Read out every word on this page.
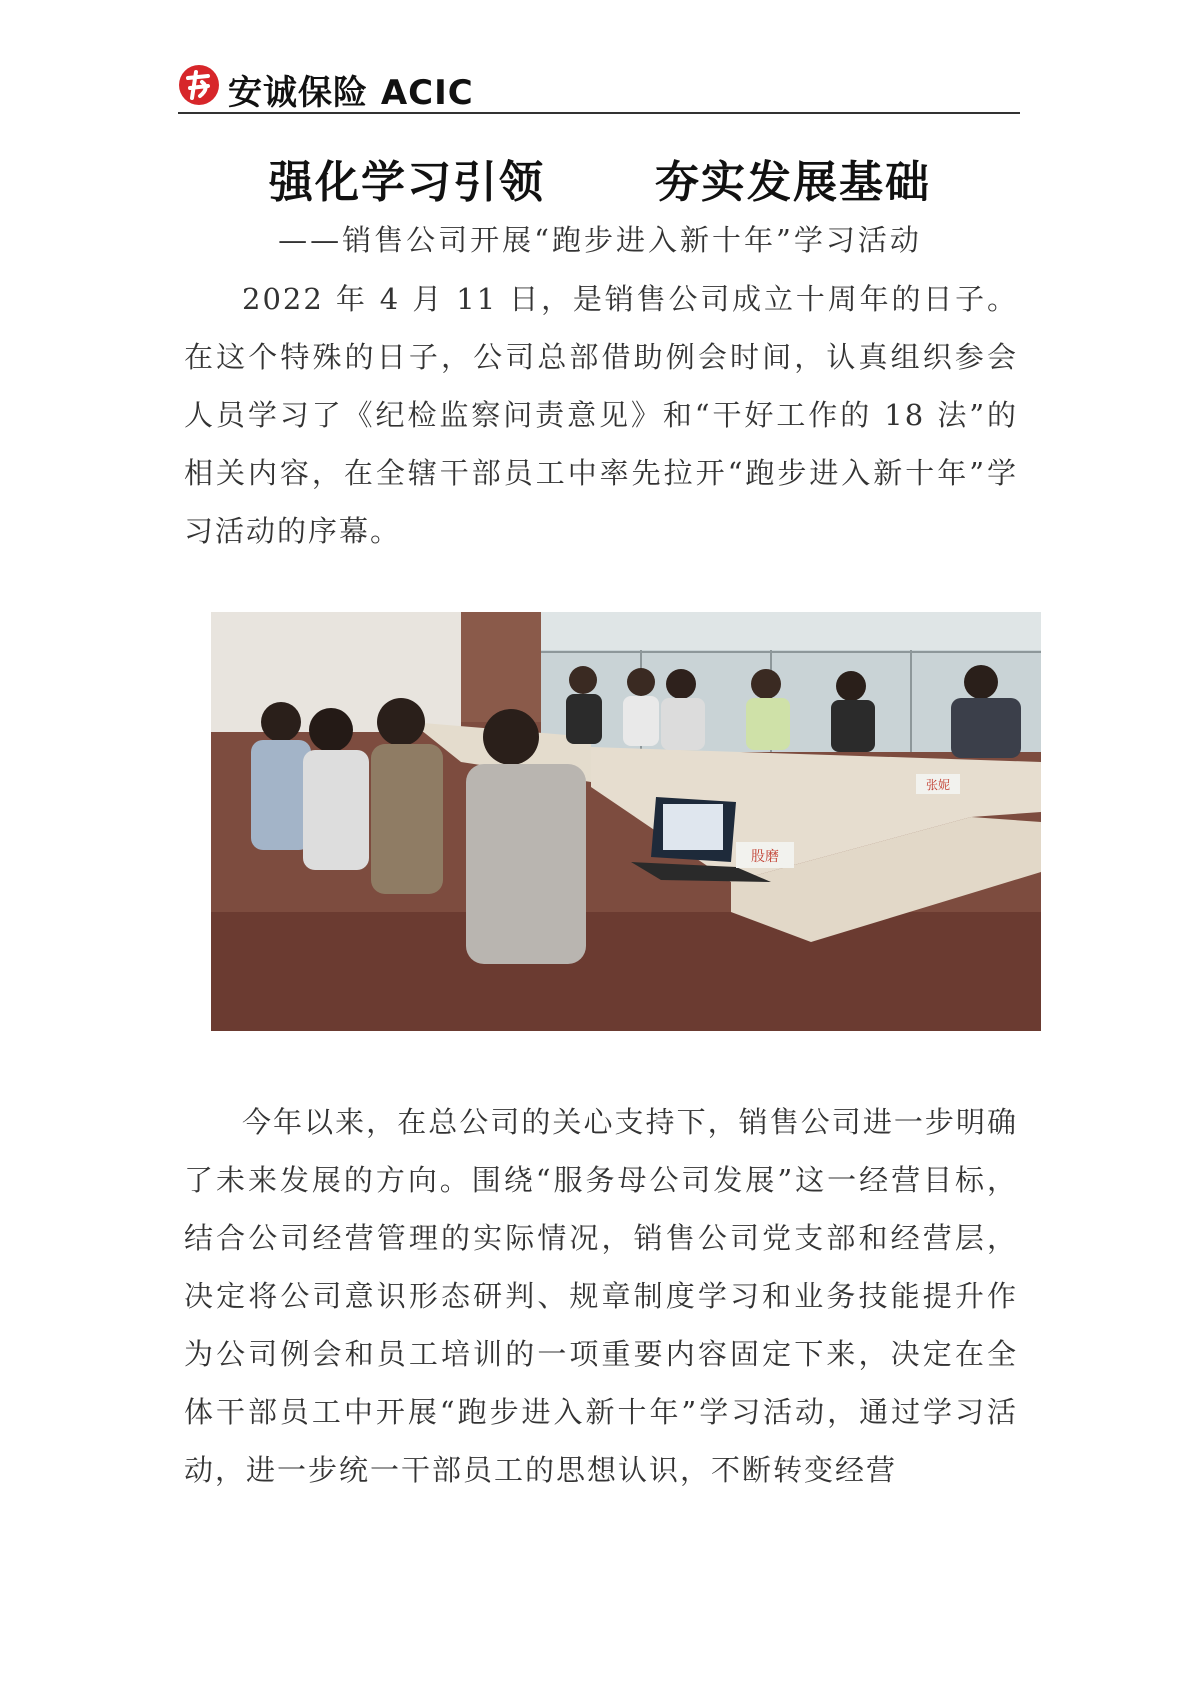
安诚保险 ACIC
强化学习引领	夯实发展基础
——销售公司开展“跑步进入新十年”学习活动
2022 年 4 月 11 日，是销售公司成立十周年的日子。在这个特殊的日子，公司总部借助例会时间，认真组织参会人员学习了《纪检监察问责意见》和“干好工作的 18 法”的相关内容，在全辖干部员工中率先拉开“跑步进入新十年”学习活动的序幕。
张妮
股磨
今年以来，在总公司的关心支持下，销售公司进一步明确了未来发展的方向。围绕“服务母公司发展”这一经营目标，结合公司经营管理的实际情况，销售公司党支部和经营层，决定将公司意识形态研判、规章制度学习和业务技能提升作为公司例会和员工培训的一项重要内容固定下来，决定在全体干部员工中开展“跑步进入新十年”学习活动，通过学习活动，进一步统一干部员工的思想认识，不断转变经营
